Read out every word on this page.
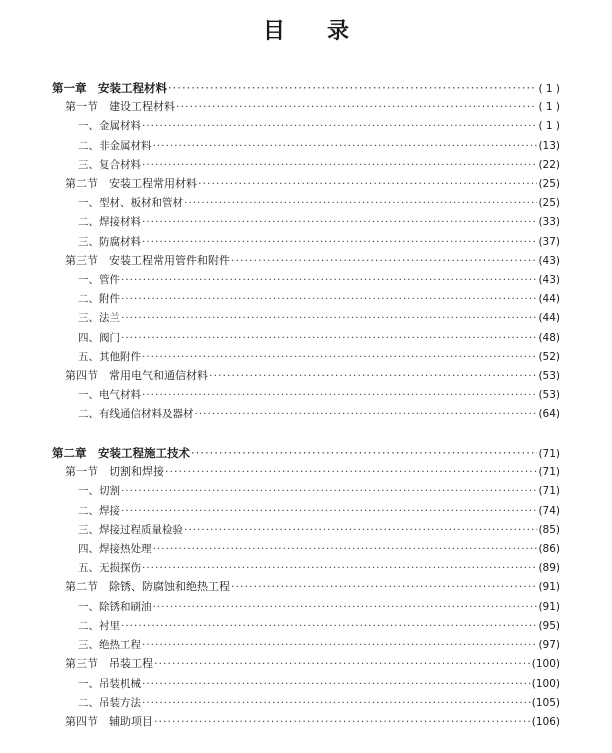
目 录
第一章　安装工程材料 ·····	( 1 )
第一节　建设工程材料 ·····	( 1 )
一、金属材料 ·····	( 1 )
二、非金属材料 ·····	(13)
三、复合材料 ·····	(22)
第二节　安装工程常用材料 ·····	(25)
一、型材、板材和管材 ·····	(25)
二、焊接材料 ·····	(33)
三、防腐材料 ·····	(37)
第三节　安装工程常用管件和附件 ·····	(43)
一、管件 ·····	(43)
二、附件 ·····	(44)
三、法兰 ·····	(44)
四、阀门 ·····	(48)
五、其他附件 ·····	(52)
第四节　常用电气和通信材料 ·····	(53)
一、电气材料 ·····	(53)
二、有线通信材料及器材 ·····	(64)
第二章　安装工程施工技术 ·····	(71)
第一节　切割和焊接 ·····	(71)
一、切割 ·····	(71)
二、焊接 ·····	(74)
三、焊接过程质量检验 ·····	(85)
四、焊接热处理 ·····	(86)
五、无损探伤 ·····	(89)
第二节　除锈、防腐蚀和绝热工程 ·····	(91)
一、除锈和刷油 ·····	(91)
二、衬里 ·····	(95)
三、绝热工程 ·····	(97)
第三节　吊装工程 ·····	(100)
一、吊装机械 ·····	(100)
二、吊装方法 ·····	(105)
第四节　辅助项目 ·····	(106)
